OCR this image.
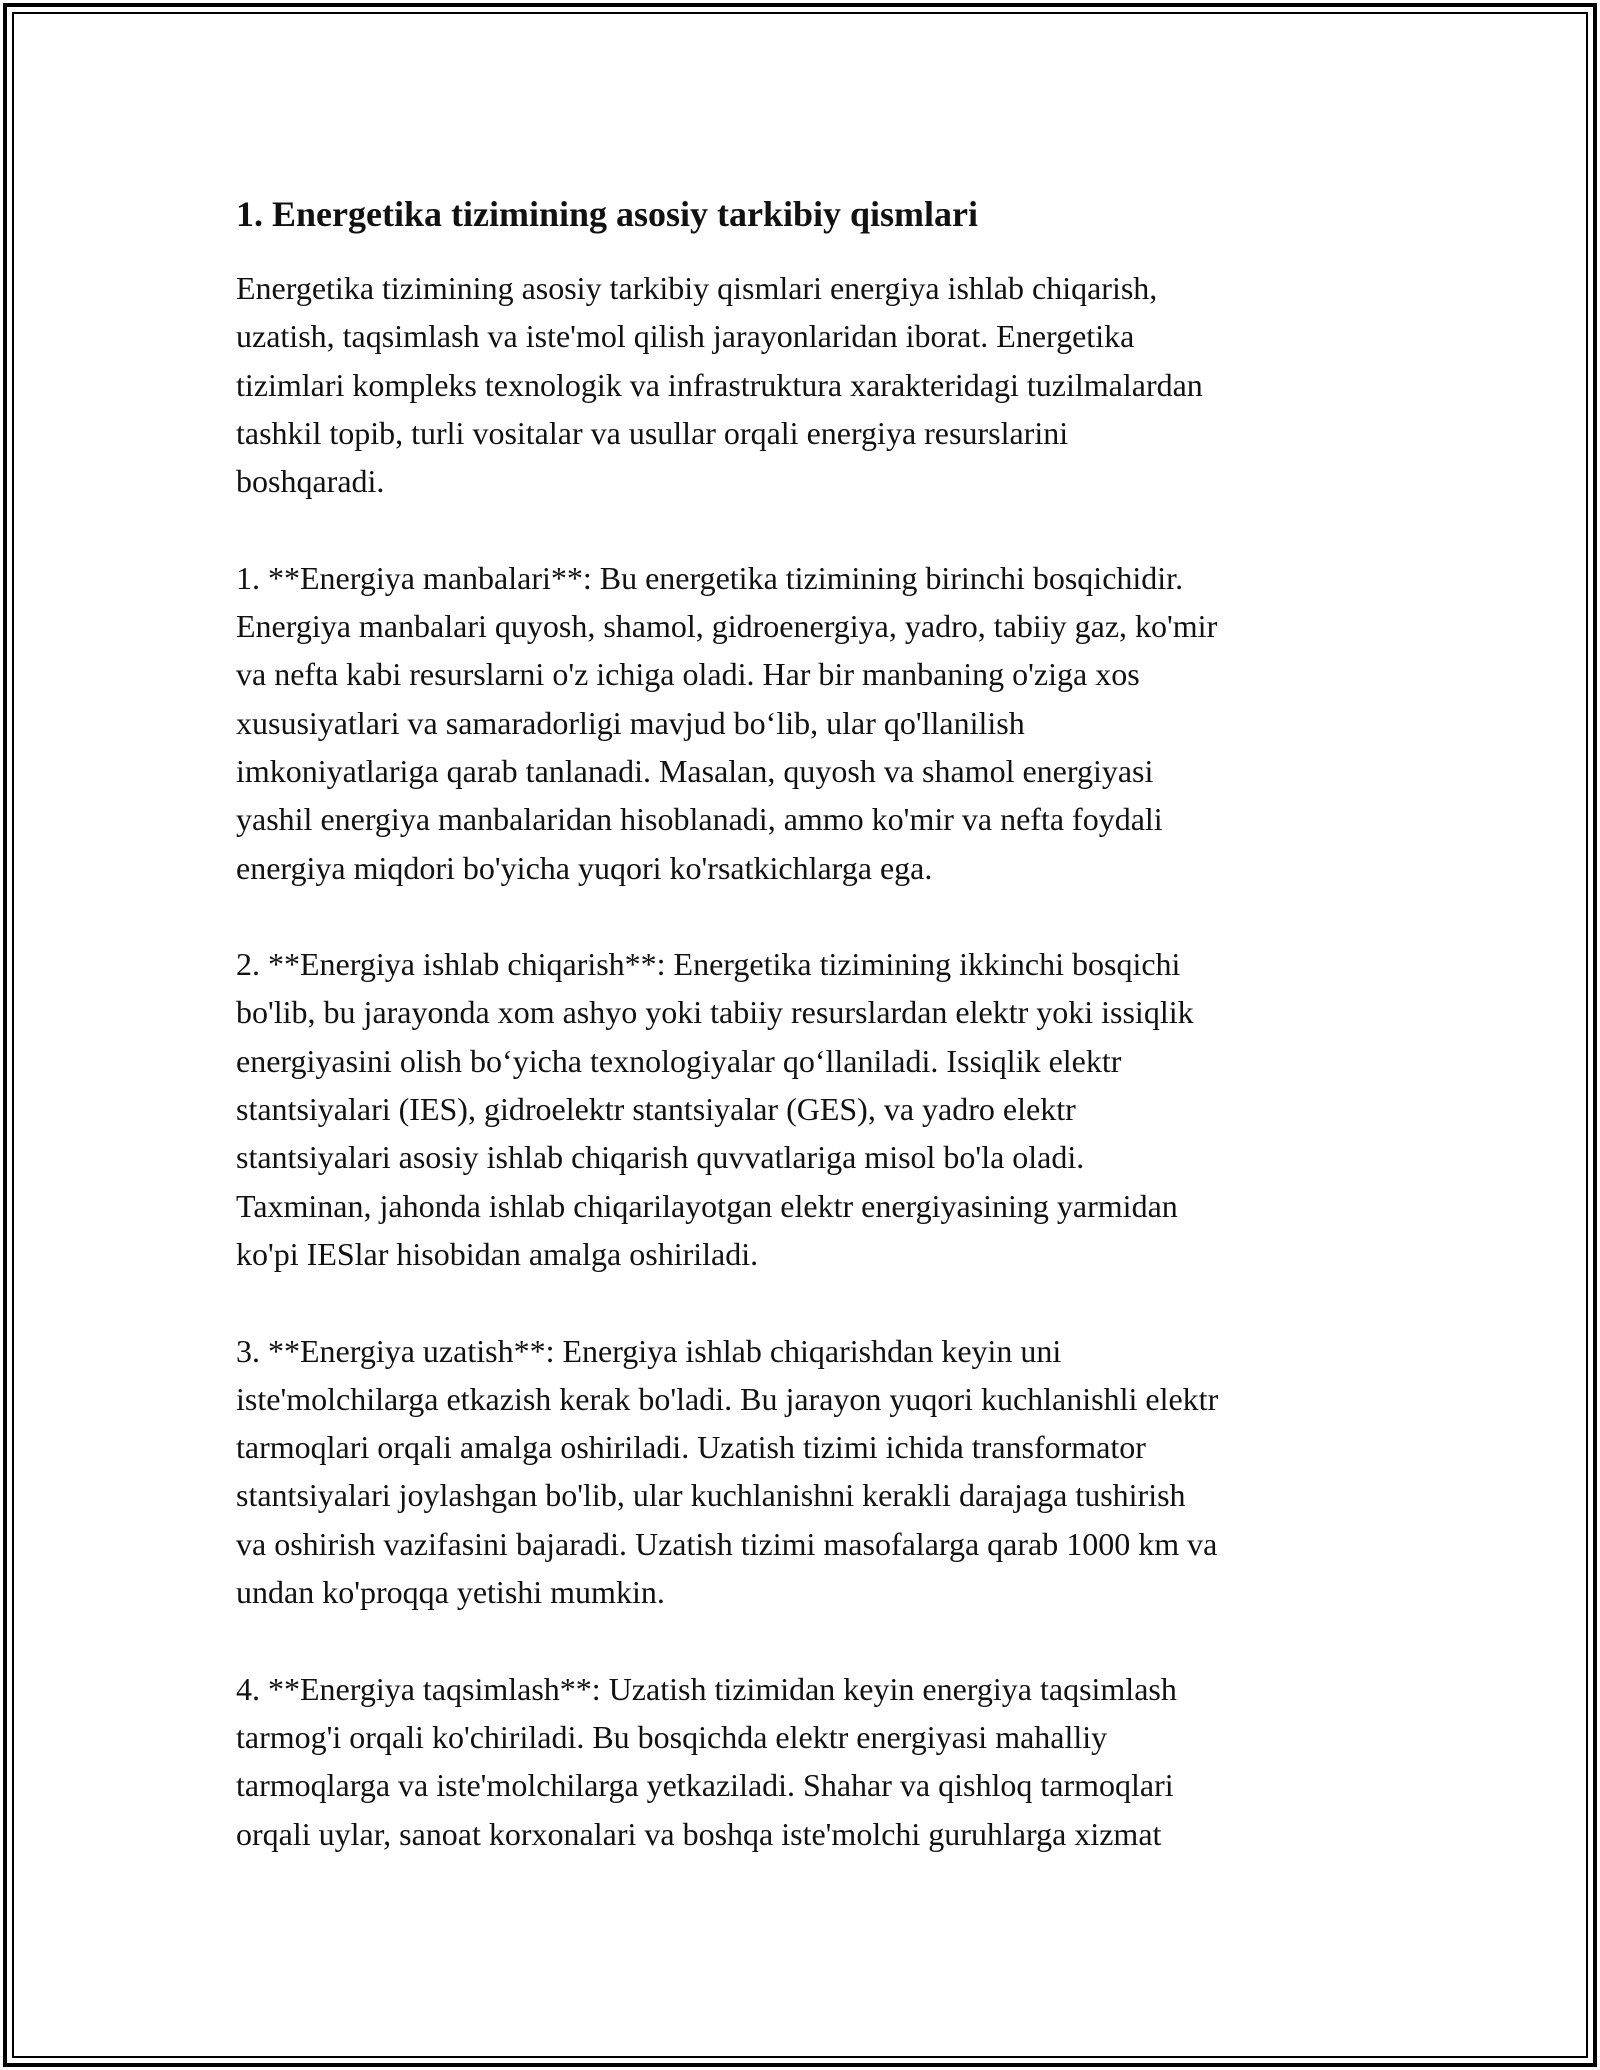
1. Energetika tizimining asosiy tarkibiy qismlari
Energetika tizimining asosiy tarkibiy qismlari energiya ishlab chiqarish,
uzatish, taqsimlash va iste'mol qilish jarayonlaridan iborat. Energetika
tizimlari kompleks texnologik va infrastruktura xarakteridagi tuzilmalardan
tashkil topib, turli vositalar va usullar orqali energiya resurslarini
boshqaradi.
1. **Energiya manbalari**: Bu energetika tizimining birinchi bosqichidir.
Energiya manbalari quyosh, shamol, gidroenergiya, yadro, tabiiy gaz, ko'mir
va nefta kabi resurslarni o'z ichiga oladi. Har bir manbaning o'ziga xos
xususiyatlari va samaradorligi mavjud bo‘lib, ular qo'llanilish
imkoniyatlariga qarab tanlanadi. Masalan, quyosh va shamol energiyasi
yashil energiya manbalaridan hisoblanadi, ammo ko'mir va nefta foydali
energiya miqdori bo'yicha yuqori ko'rsatkichlarga ega.
2. **Energiya ishlab chiqarish**: Energetika tizimining ikkinchi bosqichi
bo'lib, bu jarayonda xom ashyo yoki tabiiy resurslardan elektr yoki issiqlik
energiyasini olish bo‘yicha texnologiyalar qo‘llaniladi. Issiqlik elektr
stantsiyalari (IES), gidroelektr stantsiyalar (GES), va yadro elektr
stantsiyalari asosiy ishlab chiqarish quvvatlariga misol bo'la oladi.
Taxminan, jahonda ishlab chiqarilayotgan elektr energiyasining yarmidan
ko'pi IESlar hisobidan amalga oshiriladi.
3. **Energiya uzatish**: Energiya ishlab chiqarishdan keyin uni
iste'molchilarga etkazish kerak bo'ladi. Bu jarayon yuqori kuchlanishli elektr
tarmoqlari orqali amalga oshiriladi. Uzatish tizimi ichida transformator
stantsiyalari joylashgan bo'lib, ular kuchlanishni kerakli darajaga tushirish
va oshirish vazifasini bajaradi. Uzatish tizimi masofalarga qarab 1000 km va
undan ko'proqqa yetishi mumkin.
4. **Energiya taqsimlash**: Uzatish tizimidan keyin energiya taqsimlash
tarmog'i orqali ko'chiriladi. Bu bosqichda elektr energiyasi mahalliy
tarmoqlarga va iste'molchilarga yetkaziladi. Shahar va qishloq tarmoqlari
orqali uylar, sanoat korxonalari va boshqa iste'molchi guruhlarga xizmat
